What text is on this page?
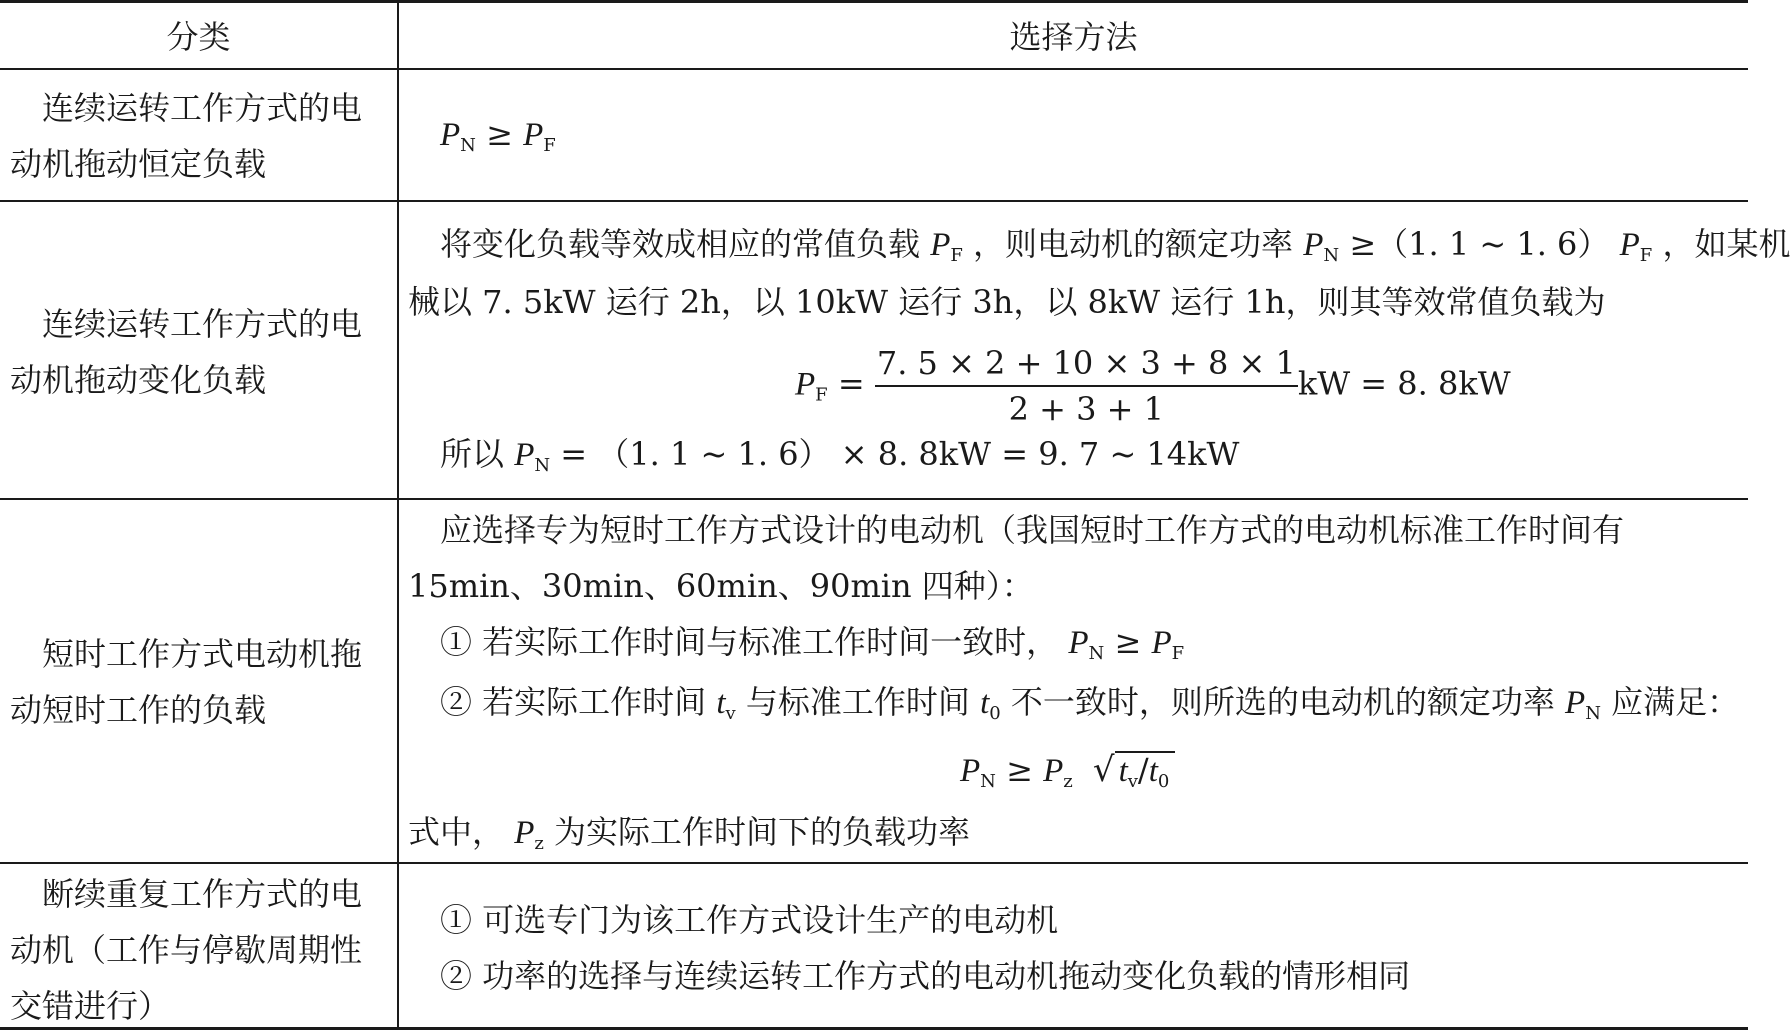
分类	选择方法
连续运转工作方式的电动机拖动恒定负载
$P_N \ge P_F$
连续运转工作方式的电动机拖动变化负载
将变化负载等效成相应的常值负载 $P_F$ ，则电动机的额定功率 $P_N \ge(1$. 1 ~ 1. 6） $P_F$ ，如某机
械以 7. 5kW 运行 2h，以 10kW 运行 3h，以 8kW 运行 1h，则其等效常值负载为
$P_F = \frac{7. 5 \times 2 + 10 \times 3 + 8 \times 1}{2 + 3 + 1}$ kW = 8. 8kW
所以 $P_N = (1$. 1 ~ 1. 6） × 8. 8kW = 9. 7 ~ 14kW
短时工作方式电动机拖动短时工作的负载
应选择专为短时工作方式设计的电动机（我国短时工作方式的电动机标准工作时间有
15min、30min、60min、90min 四种）：
① 若实际工作时间与标准工作时间一致时， $P_N \ge P_F$
② 若实际工作时间 $t_v$ 与标准工作时间 $t_0$ 不一致时，则所选的电动机的额定功率 $P_N$ 应满足：
$P_N \ge P_z$ √ $t_v/t_0$
式中， $P_z$ 为实际工作时间下的负载功率
断续重复工作方式的电动机（工作与停歇周期性交错进行）
① 可选专门为该工作方式设计生产的电动机
② 功率的选择与连续运转工作方式的电动机拖动变化负载的情形相同
